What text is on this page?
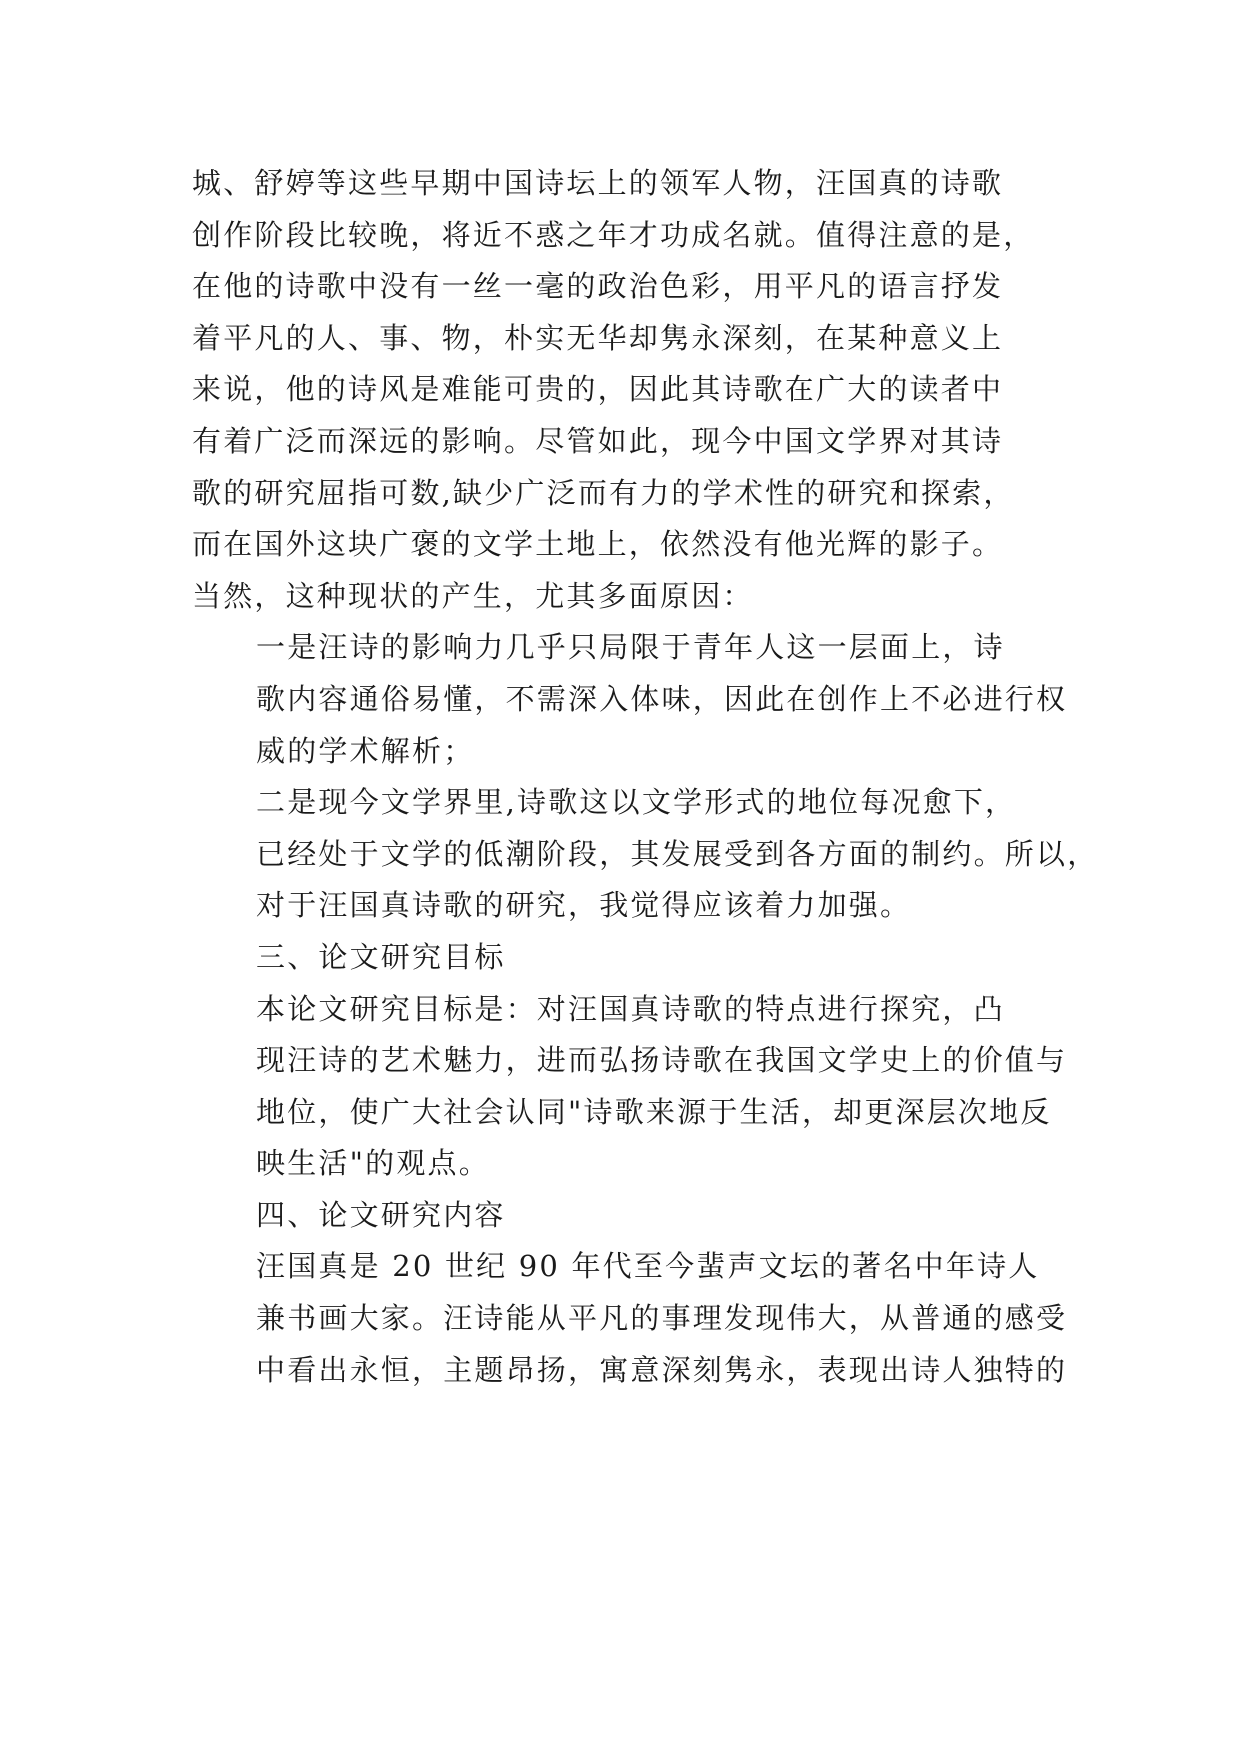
城、舒婷等这些早期中国诗坛上的领军人物，汪国真的诗歌
创作阶段比较晚，将近不惑之年才功成名就。值得注意的是，
在他的诗歌中没有一丝一毫的政治色彩，用平凡的语言抒发
着平凡的人、事、物，朴实无华却隽永深刻，在某种意义上
来说，他的诗风是难能可贵的，因此其诗歌在广大的读者中
有着广泛而深远的影响。尽管如此，现今中国文学界对其诗
歌的研究屈指可数,缺少广泛而有力的学术性的研究和探索，
而在国外这块广褒的文学土地上，依然没有他光辉的影子。
当然，这种现状的产生，尤其多面原因：
一是汪诗的影响力几乎只局限于青年人这一层面上，诗
歌内容通俗易懂，不需深入体味，因此在创作上不必进行权
威的学术解析；
二是现今文学界里,诗歌这以文学形式的地位每况愈下，
已经处于文学的低潮阶段，其发展受到各方面的制约。所以，
对于汪国真诗歌的研究，我觉得应该着力加强。
三、论文研究目标
本论文研究目标是：对汪国真诗歌的特点进行探究，凸
现汪诗的艺术魅力，进而弘扬诗歌在我国文学史上的价值与
地位，使广大社会认同"诗歌来源于生活，却更深层次地反
映生活"的观点。
四、论文研究内容
汪国真是 20 世纪 90 年代至今蜚声文坛的著名中年诗人
兼书画大家。汪诗能从平凡的事理发现伟大，从普通的感受
中看出永恒，主题昂扬，寓意深刻隽永，表现出诗人独特的
